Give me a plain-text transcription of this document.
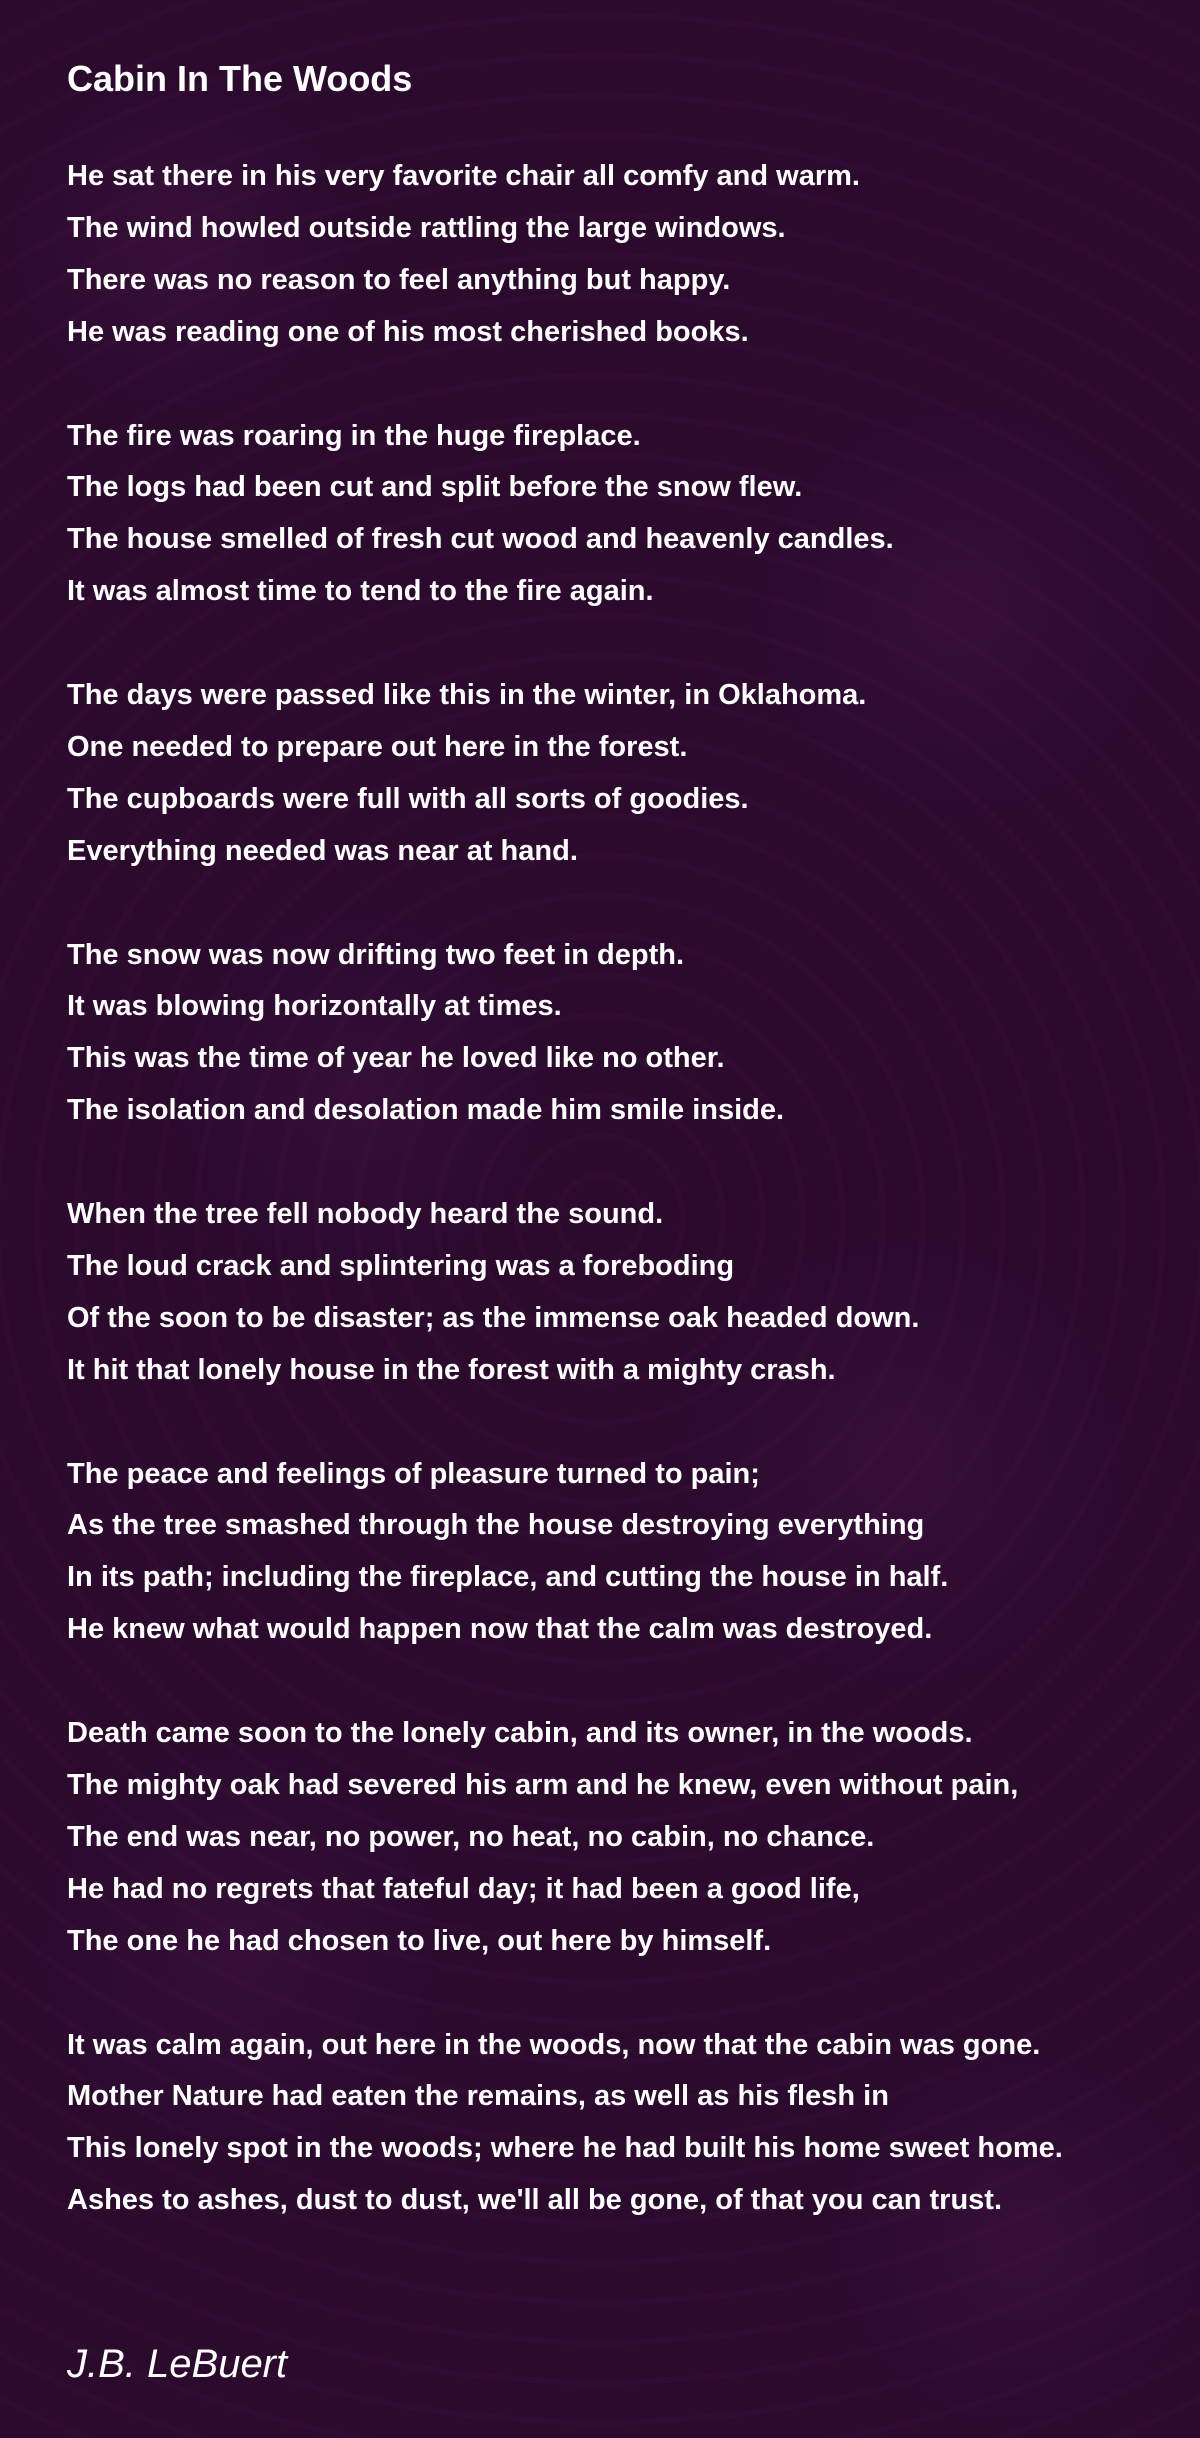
Cabin In The Woods
He sat there in his very favorite chair all comfy and warm.
The wind howled outside rattling the large windows.
There was no reason to feel anything but happy.
He was reading one of his most cherished books.
The fire was roaring in the huge fireplace.
The logs had been cut and split before the snow flew.
The house smelled of fresh cut wood and heavenly candles.
It was almost time to tend to the fire again.
The days were passed like this in the winter, in Oklahoma.
One needed to prepare out here in the forest.
The cupboards were full with all sorts of goodies.
Everything needed was near at hand.
The snow was now drifting two feet in depth.
It was blowing horizontally at times.
This was the time of year he loved like no other.
The isolation and desolation made him smile inside.
When the tree fell nobody heard the sound.
The loud crack and splintering was a foreboding
Of the soon to be disaster; as the immense oak headed down.
It hit that lonely house in the forest with a mighty crash.
The peace and feelings of pleasure turned to pain;
As the tree smashed through the house destroying everything
In its path; including the fireplace, and cutting the house in half.
He knew what would happen now that the calm was destroyed.
Death came soon to the lonely cabin, and its owner, in the woods.
The mighty oak had severed his arm and he knew, even without pain,
The end was near, no power, no heat, no cabin, no chance.
He had no regrets that fateful day; it had been a good life,
The one he had chosen to live, out here by himself.
It was calm again, out here in the woods, now that the cabin was gone.
Mother Nature had eaten the remains, as well as his flesh in
This lonely spot in the woods; where he had built his home sweet home.
Ashes to ashes, dust to dust, we'll all be gone, of that you can trust.
J.B. LeBuert
